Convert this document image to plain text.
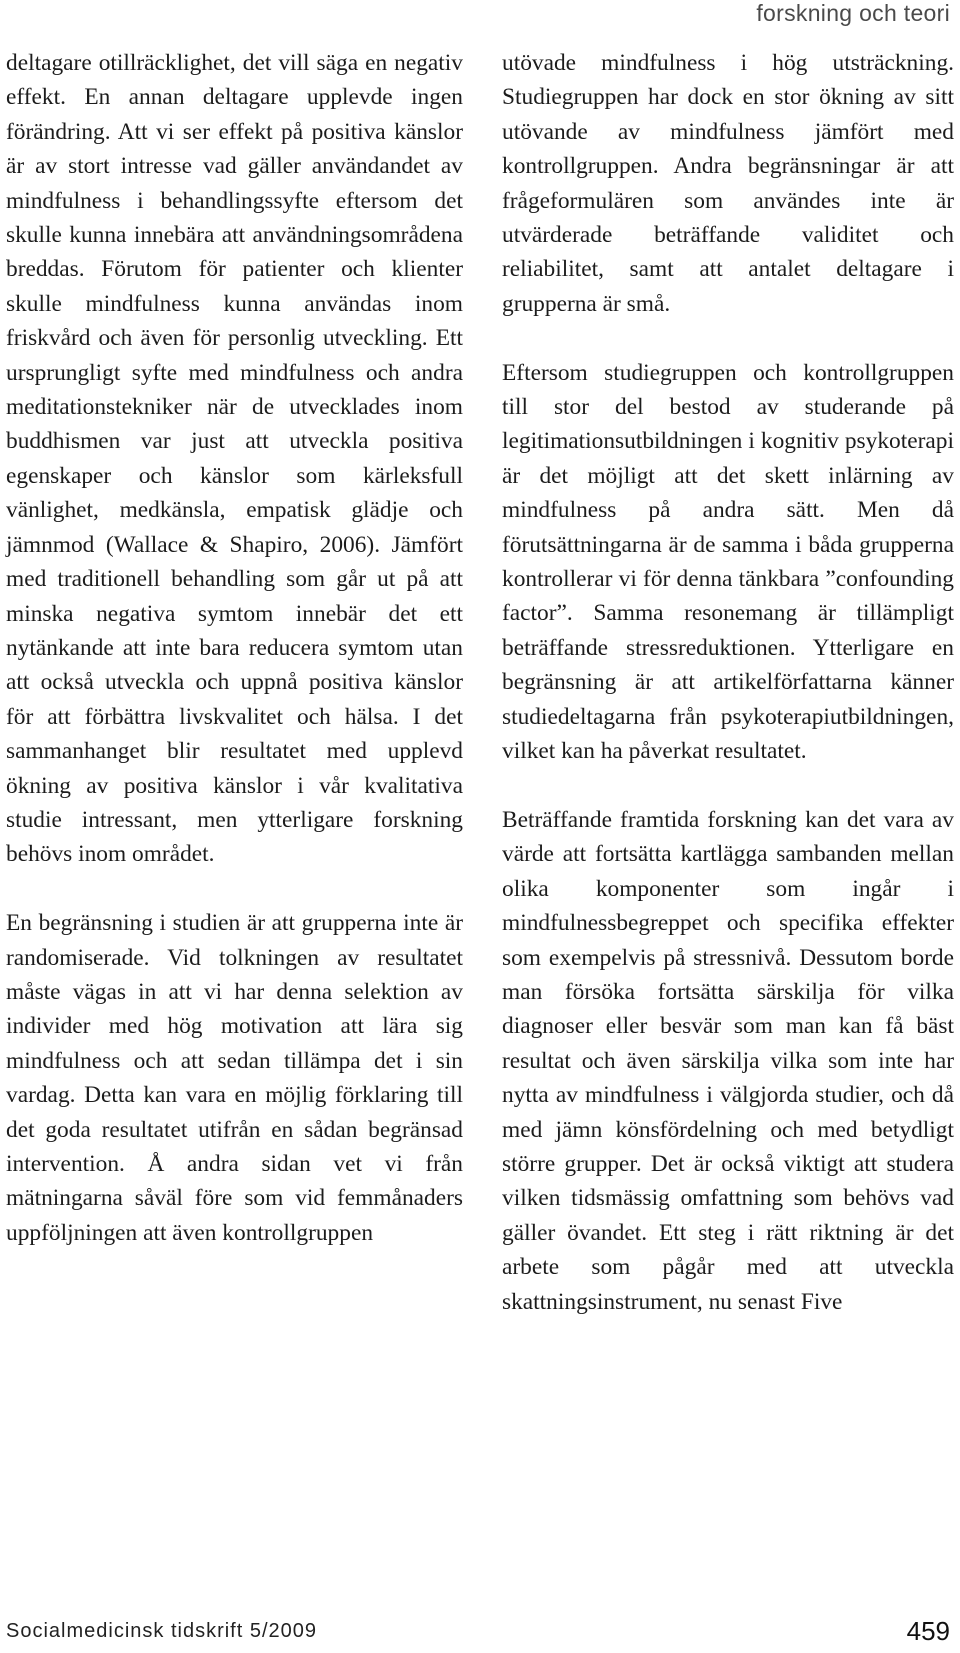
forskning och teori

deltagare otillräcklighet, det vill säga en negativ effekt. En annan deltagare upplevde ingen förändring. Att vi ser effekt på positiva känslor är av stort intresse vad gäller användandet av mindfulness i behandlingssyfte eftersom det skulle kunna innebära att användningsområdena breddas. Förutom för patienter och klienter skulle mindfulness kunna användas inom friskvård och även för personlig utveckling. Ett ursprungligt syfte med mindfulness och andra meditationstekniker när de utvecklades inom buddhismen var just att utveckla positiva egenskaper och känslor som kärleksfull vänlighet, medkänsla, empatisk glädje och jämnmod (Wallace & Shapiro, 2006). Jämfört med traditionell behandling som går ut på att minska negativa symtom innebär det ett nytänkande att inte bara reducera symtom utan att också utveckla och uppnå positiva känslor för att förbättra livskvalitet och hälsa. I det sammanhanget blir resultatet med upplevd ökning av positiva känslor i vår kvalitativa studie intressant, men ytterligare forskning behövs inom området.

En begränsning i studien är att grupperna inte är randomiserade. Vid tolkningen av resultatet måste vägas in att vi har denna selektion av individer med hög motivation att lära sig mindfulness och att sedan tillämpa det i sin vardag. Detta kan vara en möjlig förklaring till det goda resultatet utifrån en sådan begränsad intervention. Å andra sidan vet vi från mätningarna såväl före som vid femmånaders uppföljningen att även kontrollgruppen

utövade mindfulness i hög utsträckning. Studiegruppen har dock en stor ökning av sitt utövande av mindfulness jämfört med kontrollgruppen. Andra begränsningar är att frågeformulären som användes inte är utvärderade beträffande validitet och reliabilitet, samt att antalet deltagare i grupperna är små.

Eftersom studiegruppen och kontrollgruppen till stor del bestod av studerande på legitimationsutbildningen i kognitiv psykoterapi är det möjligt att det skett inlärning av mindfulness på andra sätt. Men då förutsättningarna är de samma i båda grupperna kontrollerar vi för denna tänkbara ”confounding factor”. Samma resonemang är tillämpligt beträffande stressreduktionen. Ytterligare en begränsning är att artikelförfattarna känner studiedeltagarna från psykoterapiutbildningen, vilket kan ha påverkat resultatet.

Beträffande framtida forskning kan det vara av värde att fortsätta kartlägga sambanden mellan olika komponenter som ingår i mindfulnessbegreppet och specifika effekter som exempelvis på stressnivå. Dessutom borde man försöka fortsätta särskilja för vilka diagnoser eller besvär som man kan få bäst resultat och även särskilja vilka som inte har nytta av mindfulness i välgjorda studier, och då med jämn könsfördelning och med betydligt större grupper. Det är också viktigt att studera vilken tidsmässig omfattning som behövs vad gäller övandet. Ett steg i rätt riktning är det arbete som pågår med att utveckla skattningsinstrument, nu senast Five

Socialmedicinsk tidskrift 5/2009	459
